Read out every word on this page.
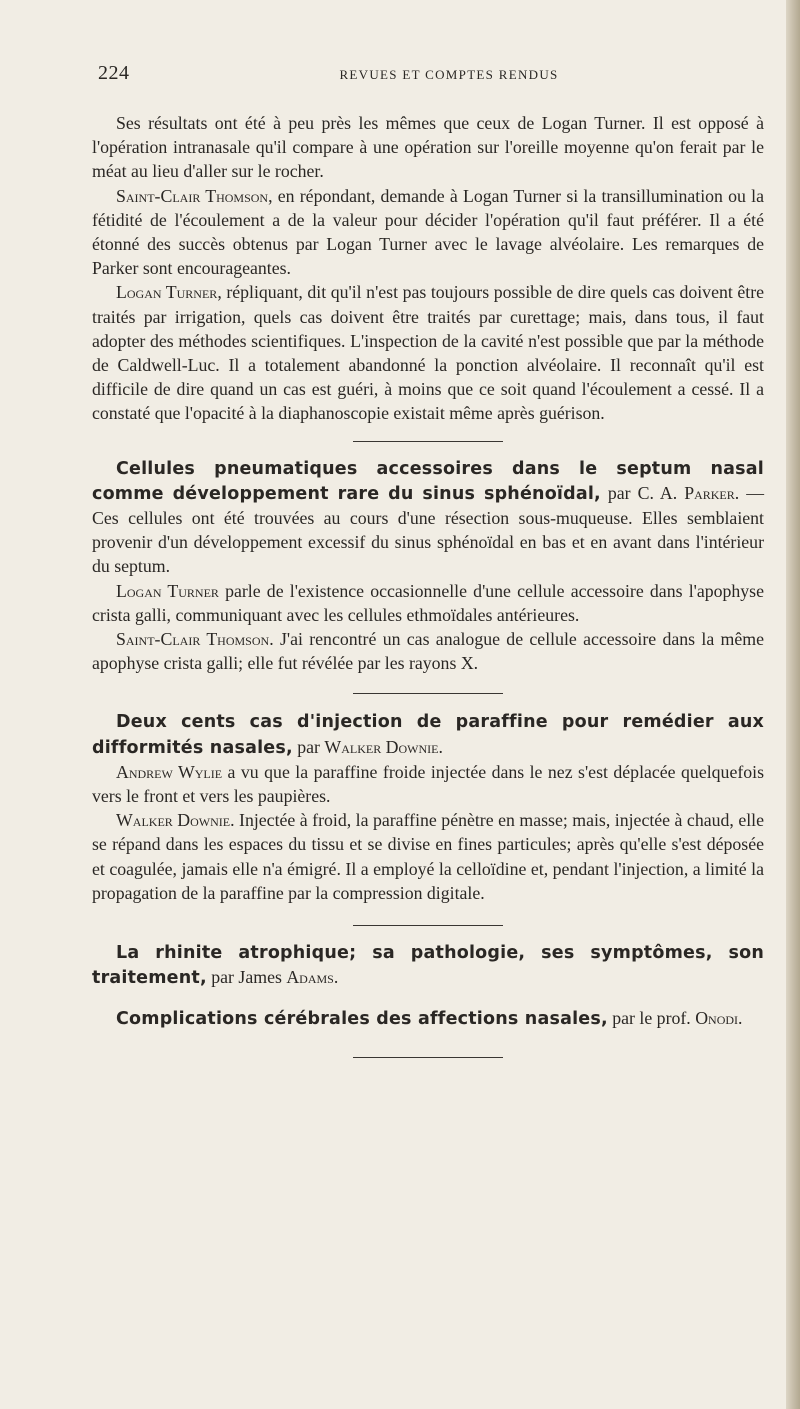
224	REVUES ET COMPTES RENDUS

Ses résultats ont été à peu près les mêmes que ceux de Logan Turner. Il est opposé à l'opération intranasale qu'il compare à une opération sur l'oreille moyenne qu'on ferait par le méat au lieu d'aller sur le rocher.

Saint-Clair Thomson, en répondant, demande à Logan Turner si la transillumination ou la fétidité de l'écoulement a de la valeur pour décider l'opération qu'il faut préférer. Il a été étonné des succès obtenus par Logan Turner avec le lavage alvéolaire. Les remarques de Parker sont encourageantes.

Logan Turner, répliquant, dit qu'il n'est pas toujours possible de dire quels cas doivent être traités par irrigation, quels cas doivent être traités par curettage; mais, dans tous, il faut adopter des méthodes scientifiques. L'inspection de la cavité n'est possible que par la méthode de Caldwell-Luc. Il a totalement abandonné la ponction alvéolaire. Il reconnaît qu'il est difficile de dire quand un cas est guéri, à moins que ce soit quand l'écoulement a cessé. Il a constaté que l'opacité à la diaphanoscopie existait même après guérison.

Cellules pneumatiques accessoires dans le septum nasal comme développement rare du sinus sphénoïdal, par C. A. Parker. — Ces cellules ont été trouvées au cours d'une résection sous-muqueuse. Elles semblaient provenir d'un développement excessif du sinus sphénoïdal en bas et en avant dans l'intérieur du septum.

Logan Turner parle de l'existence occasionnelle d'une cellule accessoire dans l'apophyse crista galli, communiquant avec les cellules ethmoïdales antérieures.

Saint-Clair Thomson. J'ai rencontré un cas analogue de cellule accessoire dans la même apophyse crista galli; elle fut révélée par les rayons X.

Deux cents cas d'injection de paraffine pour remédier aux difformités nasales, par Walker Downie.

Andrew Wylie a vu que la paraffine froide injectée dans le nez s'est déplacée quelquefois vers le front et vers les paupières.

Walker Downie. Injectée à froid, la paraffine pénètre en masse; mais, injectée à chaud, elle se répand dans les espaces du tissu et se divise en fines particules; après qu'elle s'est déposée et coagulée, jamais elle n'a émigré. Il a employé la celloïdine et, pendant l'injection, a limité la propagation de la paraffine par la compression digitale.

La rhinite atrophique; sa pathologie, ses symptômes, son traitement, par James Adams.

Complications cérébrales des affections nasales, par le prof. Onodi.
